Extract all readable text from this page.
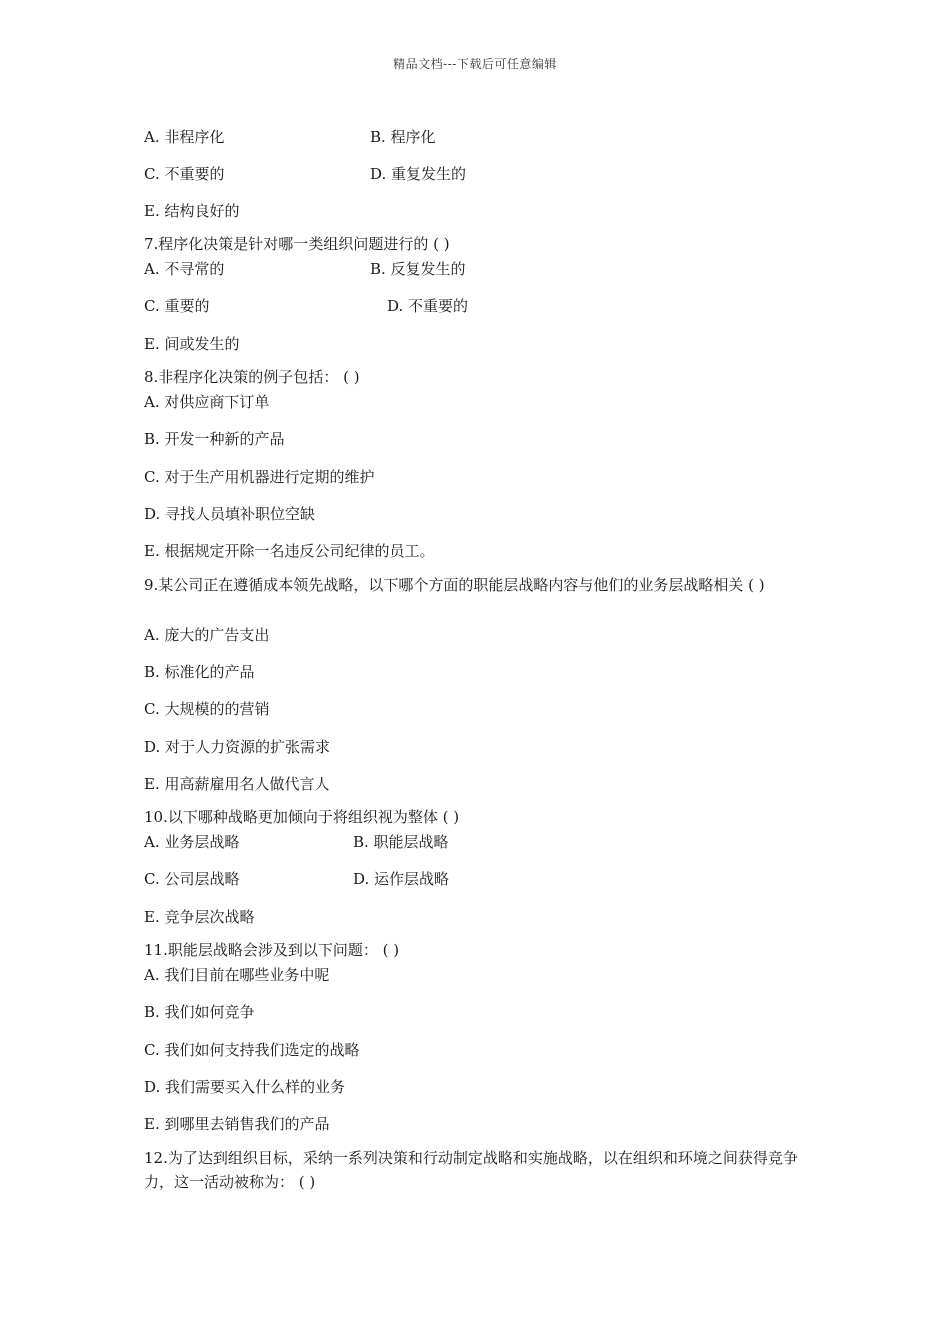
精品文档---下载后可任意编辑
A. 非程序化	B. 程序化
C. 不重要的	D. 重复发生的
E. 结构良好的
7.程序化决策是针对哪一类组织问题进行的 ( )
A. 不寻常的	B. 反复发生的
C. 重要的	D. 不重要的
E. 间或发生的
8.非程序化决策的例子包括： ( )
A. 对供应商下订单
B. 开发一种新的产品
C. 对于生产用机器进行定期的维护
D. 寻找人员填补职位空缺
E. 根据规定开除一名违反公司纪律的员工。
9.某公司正在遵循成本领先战略，以下哪个方面的职能层战略内容与他们的业务层战略相关 ( )
A. 庞大的广告支出
B. 标准化的产品
C. 大规模的的营销
D. 对于人力资源的扩张需求
E. 用高薪雇用名人做代言人
10.以下哪种战略更加倾向于将组织视为整体 ( )
A. 业务层战略	B. 职能层战略
C. 公司层战略	D. 运作层战略
E. 竞争层次战略
11.职能层战略会涉及到以下问题： ( )
A. 我们目前在哪些业务中呢
B. 我们如何竞争
C. 我们如何支持我们选定的战略
D. 我们需要买入什么样的业务
E. 到哪里去销售我们的产品
12.为了达到组织目标，采纳一系列决策和行动制定战略和实施战略，以在组织和环境之间获得竞争力，这一活动被称为： ( )
